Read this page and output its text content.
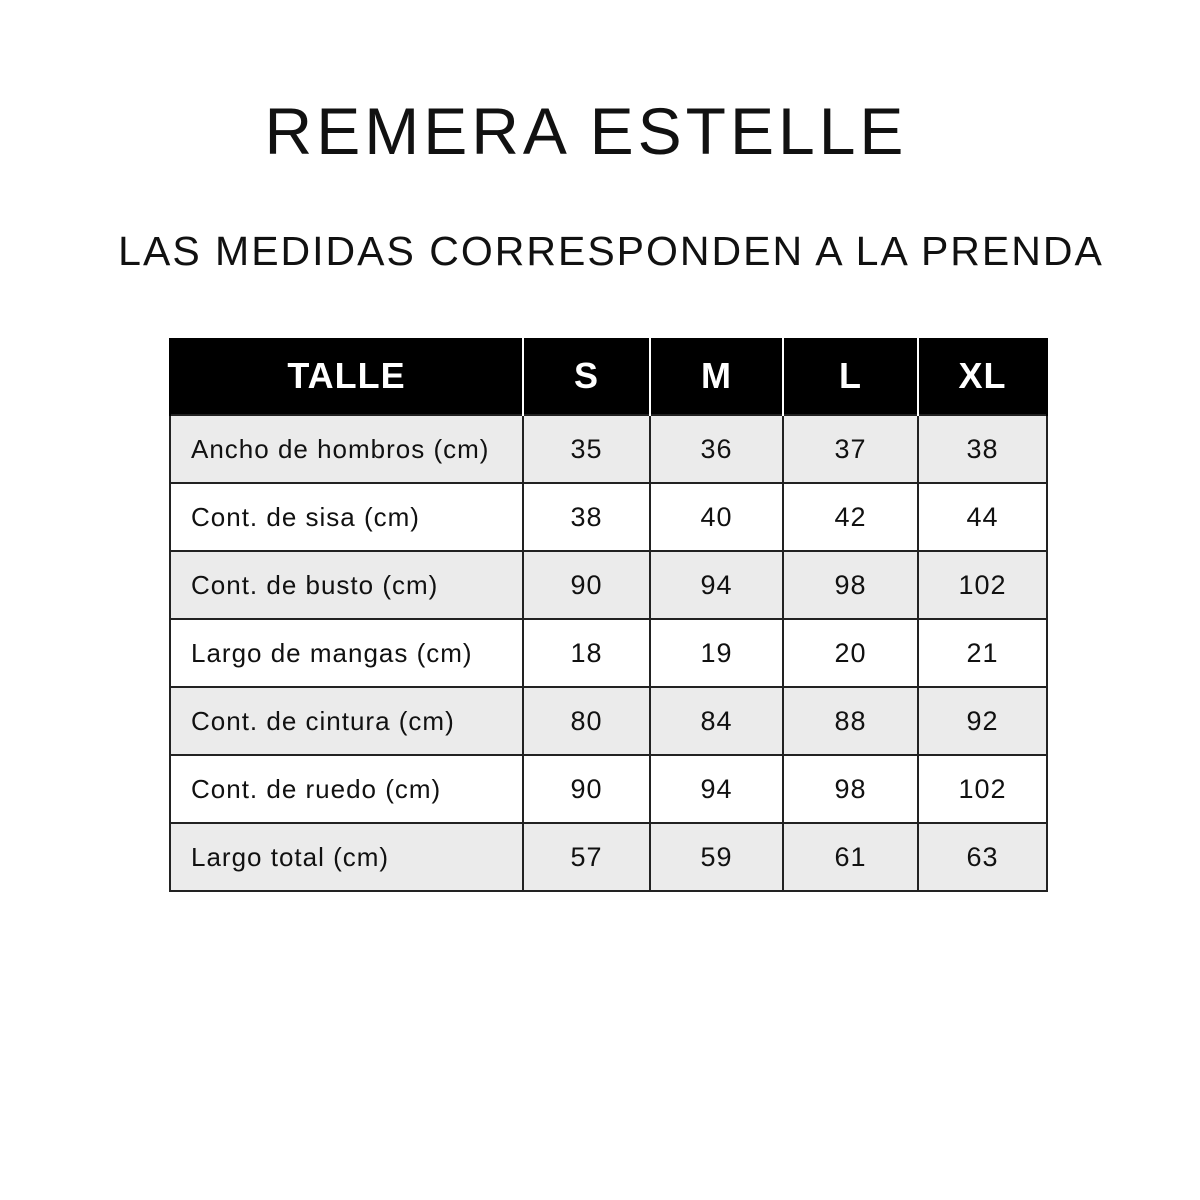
REMERA ESTELLE
LAS MEDIDAS CORRESPONDEN A LA PRENDA
TALLE	S	M	L	XL
Ancho de hombros (cm)	35	36	37	38
Cont. de sisa (cm)	38	40	42	44
Cont. de busto (cm)	90	94	98	102
Largo de mangas (cm)	18	19	20	21
Cont. de cintura (cm)	80	84	88	92
Cont. de ruedo (cm)	90	94	98	102
Largo total (cm)	57	59	61	63
